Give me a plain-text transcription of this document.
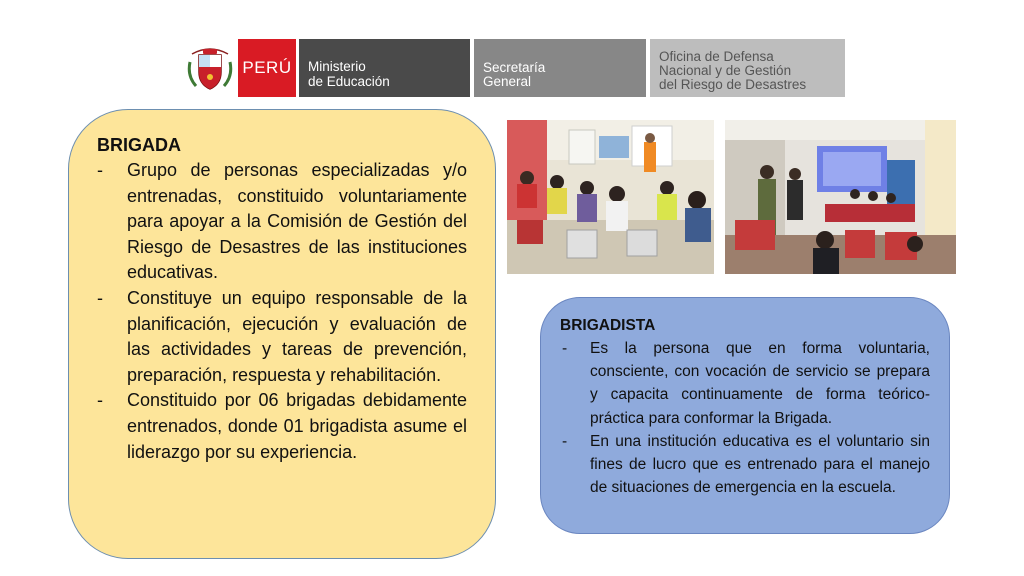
PERÚ Ministerio
de Educación
Secretaría
General
Oficina de Defensa
Nacional y de Gestión
del Riesgo de Desastres
BRIGADA
- Grupo de personas especializadas y/o entrenadas, constituido voluntariamente para apoyar a la Comisión de Gestión del Riesgo de Desastres de las instituciones educativas.
- Constituye un equipo responsable de la planificación, ejecución y evaluación de las actividades y tareas de prevención, preparación, respuesta y rehabilitación.
- Constituido por 06 brigadas debidamente entrenados, donde 01 brigadista asume el liderazgo por su experiencia.
BRIGADISTA
- Es la persona que en forma voluntaria, consciente, con vocación de servicio se prepara y capacita continuamente de forma teórico-práctica para conformar la Brigada.
- En una institución educativa es el voluntario sin fines de lucro que es entrenado para el manejo de situaciones de emergencia en la escuela.
